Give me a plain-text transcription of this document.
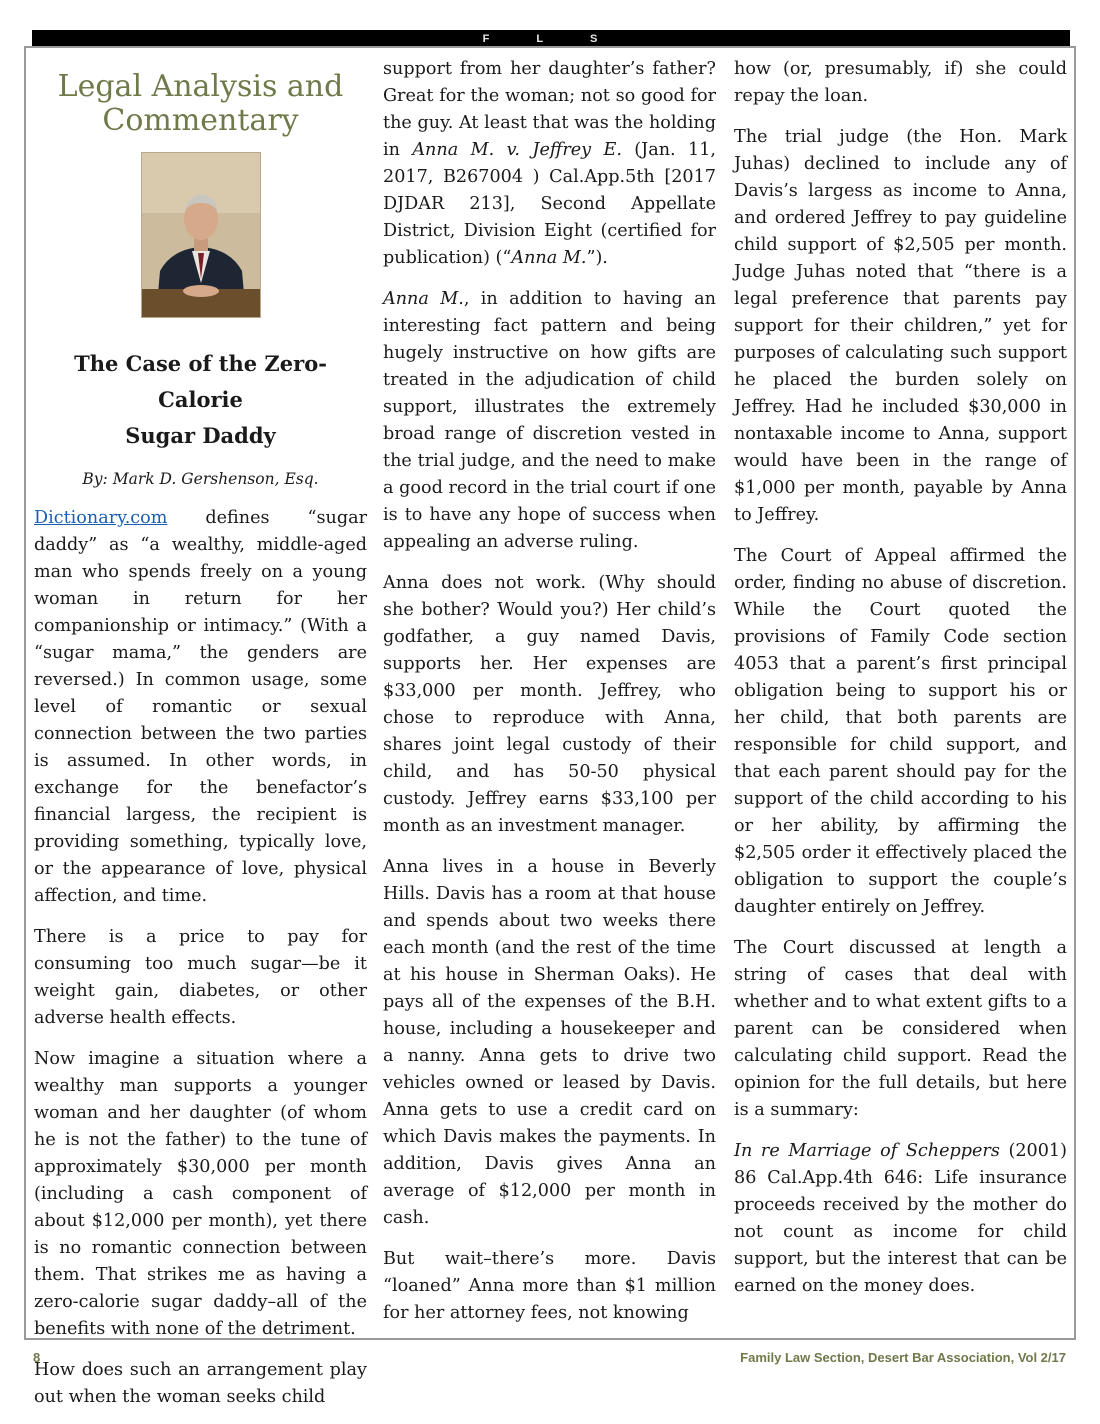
F L S
Legal Analysis and
Commentary
The Case of the Zero-Calorie
Sugar Daddy
By: Mark D. Gershenson, Esq.

Dictionary.com defines “sugar daddy” as “a wealthy, middle-aged man who spends freely on a young woman in return for her companionship or intimacy.” (With a “sugar mama,” the genders are reversed.) In common usage, some level of romantic or sexual connection between the two parties is assumed. In other words, in exchange for the benefactor’s financial largess, the recipient is providing something, typically love, or the appearance of love, physical affection, and time.

There is a price to pay for consuming too much sugar—be it weight gain, diabetes, or other adverse health effects.

Now imagine a situation where a wealthy man supports a younger woman and her daughter (of whom he is not the father) to the tune of approximately $30,000 per month (including a cash component of about $12,000 per month), yet there is no romantic connection between them. That strikes me as having a zero-calorie sugar daddy–all of the benefits with none of the detriment.

How does such an arrangement play out when the woman seeks child

support from her daughter’s father? Great for the woman; not so good for the guy. At least that was the holding in Anna M. v. Jeffrey E. (Jan. 11, 2017, B267004 ) Cal.App.5th [2017 DJDAR 213], Second Appellate District, Division Eight (certified for publication) (“Anna M.”).

Anna M., in addition to having an interesting fact pattern and being hugely instructive on how gifts are treated in the adjudication of child support, illustrates the extremely broad range of discretion vested in the trial judge, and the need to make a good record in the trial court if one is to have any hope of success when appealing an adverse ruling.

Anna does not work. (Why should she bother? Would you?) Her child’s godfather, a guy named Davis, supports her. Her expenses are $33,000 per month. Jeffrey, who chose to reproduce with Anna, shares joint legal custody of their child, and has 50-50 physical custody. Jeffrey earns $33,100 per month as an investment manager.

Anna lives in a house in Beverly Hills. Davis has a room at that house and spends about two weeks there each month (and the rest of the time at his house in Sherman Oaks). He pays all of the expenses of the B.H. house, including a housekeeper and a nanny. Anna gets to drive two vehicles owned or leased by Davis. Anna gets to use a credit card on which Davis makes the payments. In addition, Davis gives Anna an average of $12,000 per month in cash.

But wait–there’s more. Davis “loaned” Anna more than $1 million for her attorney fees, not knowing

how (or, presumably, if) she could repay the loan.

The trial judge (the Hon. Mark Juhas) declined to include any of Davis’s largess as income to Anna, and ordered Jeffrey to pay guideline child support of $2,505 per month. Judge Juhas noted that “there is a legal preference that parents pay support for their children,” yet for purposes of calculating such support he placed the burden solely on Jeffrey. Had he included $30,000 in nontaxable income to Anna, support would have been in the range of $1,000 per month, payable by Anna to Jeffrey.

The Court of Appeal affirmed the order, finding no abuse of discretion. While the Court quoted the provisions of Family Code section 4053 that a parent’s first principal obligation being to support his or her child, that both parents are responsible for child support, and that each parent should pay for the support of the child according to his or her ability, by affirming the $2,505 order it effectively placed the obligation to support the couple’s daughter entirely on Jeffrey.

The Court discussed at length a string of cases that deal with whether and to what extent gifts to a parent can be considered when calculating child support. Read the opinion for the full details, but here is a summary:

In re Marriage of Scheppers (2001) 86 Cal.App.4th 646: Life insurance proceeds received by the mother do not count as income for child support, but the interest that can be earned on the money does.

8	Family Law Section, Desert Bar Association, Vol 2/17
